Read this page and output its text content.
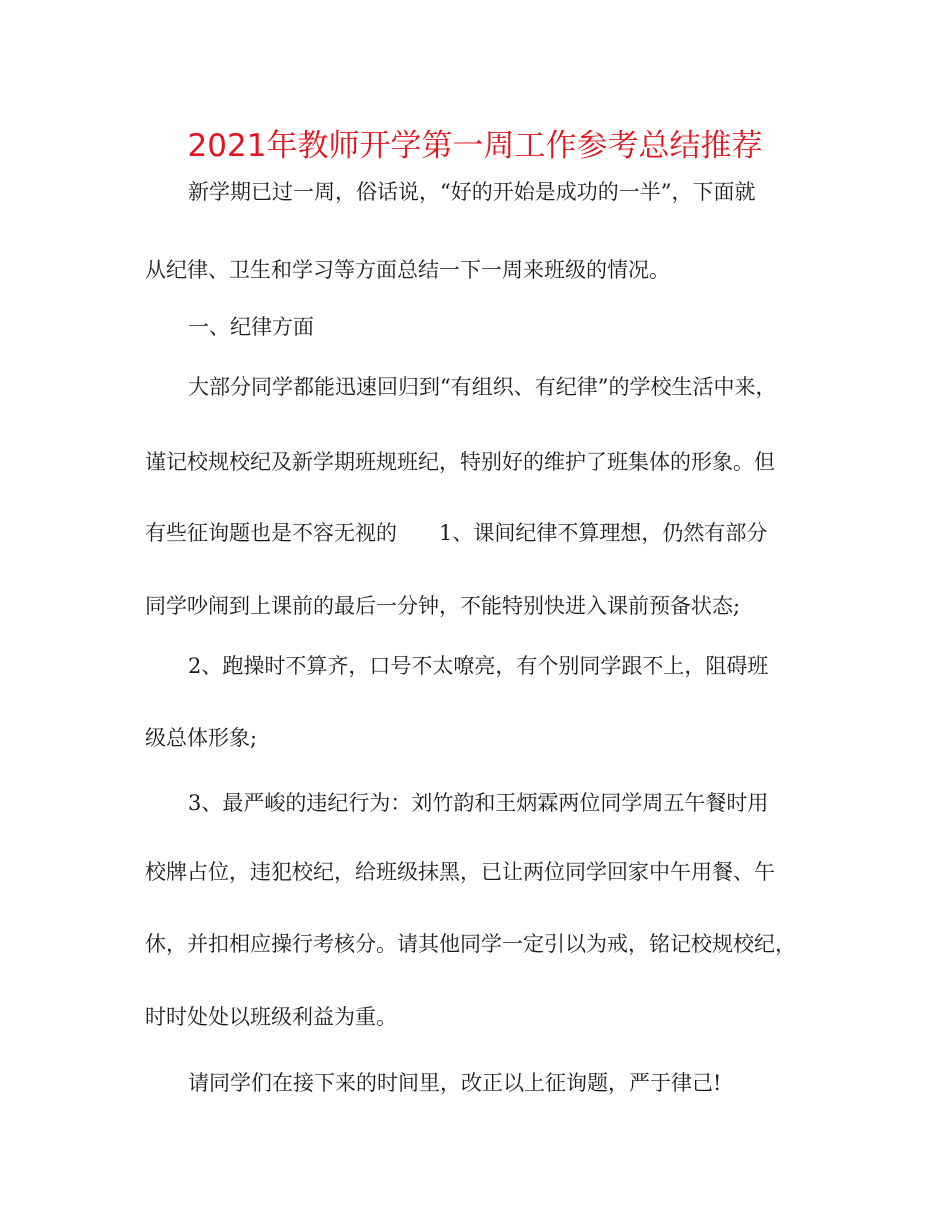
2021年教师开学第一周工作参考总结推荐
新学期已过一周，俗话说，“好的开始是成功的一半”，下面就
从纪律、卫生和学习等方面总结一下一周来班级的情况。
一、纪律方面
大部分同学都能迅速回归到“有组织、有纪律”的学校生活中来，
谨记校规校纪及新学期班规班纪，特别好的维护了班集体的形象。但
有些征询题也是不容无视的　　1、课间纪律不算理想，仍然有部分
同学吵闹到上课前的最后一分钟，不能特别快进入课前预备状态;
2、跑操时不算齐，口号不太嘹亮，有个别同学跟不上，阻碍班
级总体形象;
3、最严峻的违纪行为：刘竹韵和王炳霖两位同学周五午餐时用
校牌占位，违犯校纪，给班级抹黑，已让两位同学回家中午用餐、午
休，并扣相应操行考核分。请其他同学一定引以为戒，铭记校规校纪，
时时处处以班级利益为重。
请同学们在接下来的时间里，改正以上征询题，严于律己!
